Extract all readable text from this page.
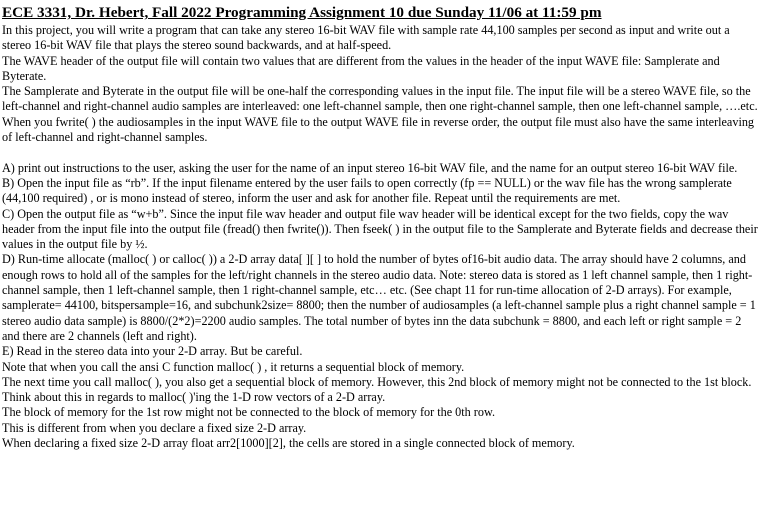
ECE 3331, Dr. Hebert, Fall 2022 Programming Assignment 10 due Sunday 11/06 at 11:59 pm

In this project, you will write a program that can take any stereo 16-bit WAV file with sample rate 44,100 samples per second as input and write out a stereo 16-bit WAV file that plays the stereo sound backwards, and at half-speed.

The WAVE header of the output file will contain two values that are different from the values in the header of the input WAVE file: Samplerate and Byterate.

The Samplerate and Byterate in the output file will be one-half the corresponding values in the input file. The input file will be a stereo WAVE file, so the left-channel and right-channel audio samples are interleaved: one left-channel sample, then one right-channel sample, then one left-channel sample, ….etc.

When you fwrite( ) the audiosamples in the input WAVE file to the output WAVE file in reverse order, the output file must also have the same interleaving of left-channel and right-channel samples.

A) print out instructions to the user, asking the user for the name of an input stereo 16-bit WAV file, and the name for an output stereo 16-bit WAV file.

B) Open the input file as “rb”. If the input filename entered by the user fails to open correctly (fp == NULL) or the wav file has the wrong samplerate (44,100 required) , or is mono instead of stereo, inform the user and ask for another file. Repeat until the requirements are met.

C) Open the output file as “w+b”. Since the input file wav header and output file wav header will be identical except for the two fields, copy the wav header from the input file into the output file (fread() then fwrite()). Then fseek( ) in the output file to the Samplerate and Byterate fields and decrease their values in the output file by ½.

D) Run-time allocate (malloc( ) or calloc( )) a 2-D array data[ ][ ] to hold the number of bytes of16-bit audio data. The array should have 2 columns, and enough rows to hold all of the samples for the left/right channels in the stereo audio data. Note: stereo data is stored as 1 left channel sample, then 1 right-channel sample, then 1 left-channel sample, then 1 right-channel sample, etc… etc. (See chapt 11 for run-time allocation of 2-D arrays). For example, samplerate= 44100, bitspersample=16, and subchunk2size= 8800; then the number of audiosamples (a left-channel sample plus a right channel sample = 1 stereo audio data sample) is 8800/(2*2)=2200 audio samples. The total number of bytes inn the data subchunk = 8800, and each left or right sample = 2 and there are 2 channels (left and right).

E) Read in the stereo data into your 2-D array. But be careful.

Note that when you call the ansi C function malloc( ) , it returns a sequential block of memory.

The next time you call malloc( ), you also get a sequential block of memory. However, this 2nd block of memory might not be connected to the 1st block.

Think about this in regards to malloc( )'ing the 1-D row vectors of a 2-D array.

The block of memory for the 1st row might not be connected to the block of memory for the 0th row.

This is different from when you declare a fixed size 2-D array.

When declaring a fixed size 2-D array float arr2[1000][2], the cells are stored in a single connected block of memory.
